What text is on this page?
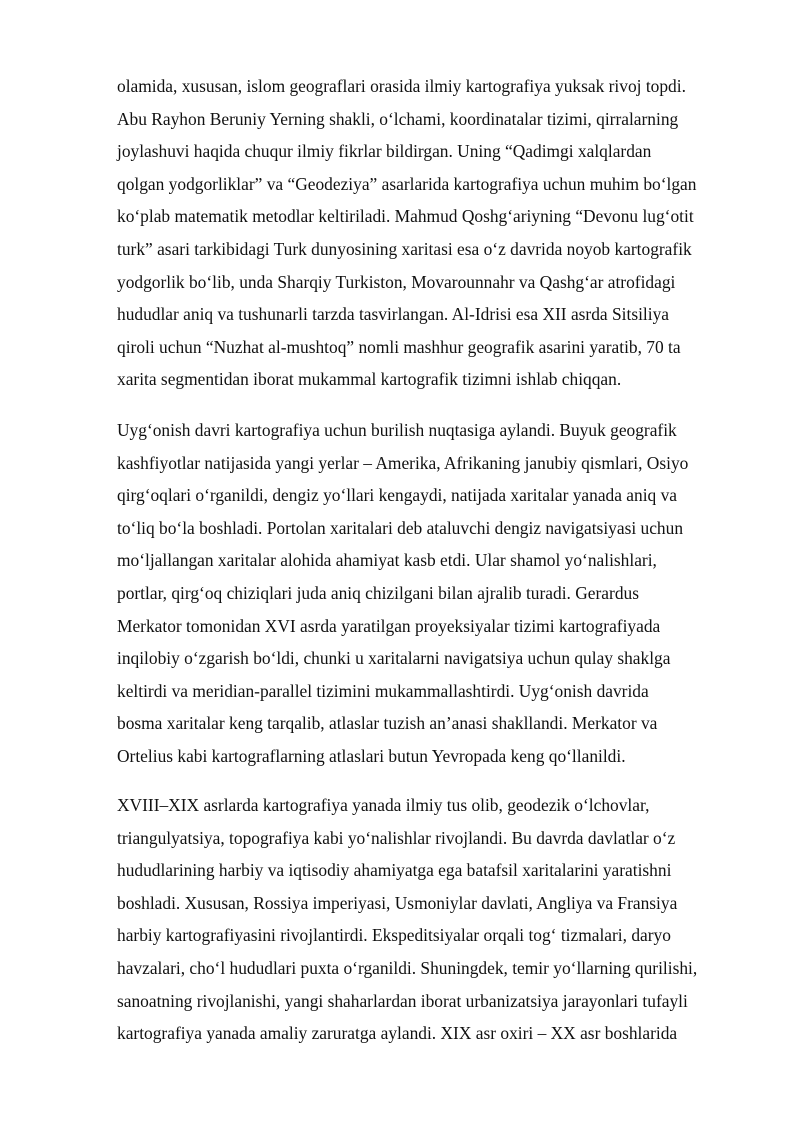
olamida, xususan, islom geograflari orasida ilmiy kartografiya yuksak rivoj topdi.
Abu Rayhon Beruniy Yerning shakli, o‘lchami, koordinatalar tizimi, qirralarning
joylashuvi haqida chuqur ilmiy fikrlar bildirgan. Uning “Qadimgi xalqlardan
qolgan yodgorliklar” va “Geodeziya” asarlarida kartografiya uchun muhim bo‘lgan
ko‘plab matematik metodlar keltiriladi. Mahmud Qoshg‘ariyning “Devonu lug‘otit
turk” asari tarkibidagi Turk dunyosining xaritasi esa o‘z davrida noyob kartografik
yodgorlik bo‘lib, unda Sharqiy Turkiston, Movarounnahr va Qashg‘ar atrofidagi
hududlar aniq va tushunarli tarzda tasvirlangan. Al-Idrisi esa XII asrda Sitsiliya
qiroli uchun “Nuzhat al-mushtoq” nomli mashhur geografik asarini yaratib, 70 ta
xarita segmentidan iborat mukammal kartografik tizimni ishlab chiqqan.
Uyg‘onish davri kartografiya uchun burilish nuqtasiga aylandi. Buyuk geografik
kashfiyotlar natijasida yangi yerlar – Amerika, Afrikaning janubiy qismlari, Osiyo
qirg‘oqlari o‘rganildi, dengiz yo‘llari kengaydi, natijada xaritalar yanada aniq va
to‘liq bo‘la boshladi. Portolan xaritalari deb ataluvchi dengiz navigatsiyasi uchun
mo‘ljallangan xaritalar alohida ahamiyat kasb etdi. Ular shamol yo‘nalishlari,
portlar, qirg‘oq chiziqlari juda aniq chizilgani bilan ajralib turadi. Gerardus
Merkator tomonidan XVI asrda yaratilgan proyeksiyalar tizimi kartografiyada
inqilobiy o‘zgarish bo‘ldi, chunki u xaritalarni navigatsiya uchun qulay shaklga
keltirdi va meridian-parallel tizimini mukammallashtirdi. Uyg‘onish davrida
bosma xaritalar keng tarqalib, atlaslar tuzish an’anasi shakllandi. Merkator va
Ortelius kabi kartograflarning atlaslari butun Yevropada keng qo‘llanildi.
XVIII–XIX asrlarda kartografiya yanada ilmiy tus olib, geodezik o‘lchovlar,
triangulyatsiya, topografiya kabi yo‘nalishlar rivojlandi. Bu davrda davlatlar o‘z
hududlarining harbiy va iqtisodiy ahamiyatga ega batafsil xaritalarini yaratishni
boshladi. Xususan, Rossiya imperiyasi, Usmoniylar davlati, Angliya va Fransiya
harbiy kartografiyasini rivojlantirdi. Ekspeditsiyalar orqali tog‘ tizmalari, daryo
havzalari, cho‘l hududlari puxta o‘rganildi. Shuningdek, temir yo‘llarning qurilishi,
sanoatning rivojlanishi, yangi shaharlardan iborat urbanizatsiya jarayonlari tufayli
kartografiya yanada amaliy zaruratga aylandi. XIX asr oxiri – XX asr boshlarida
